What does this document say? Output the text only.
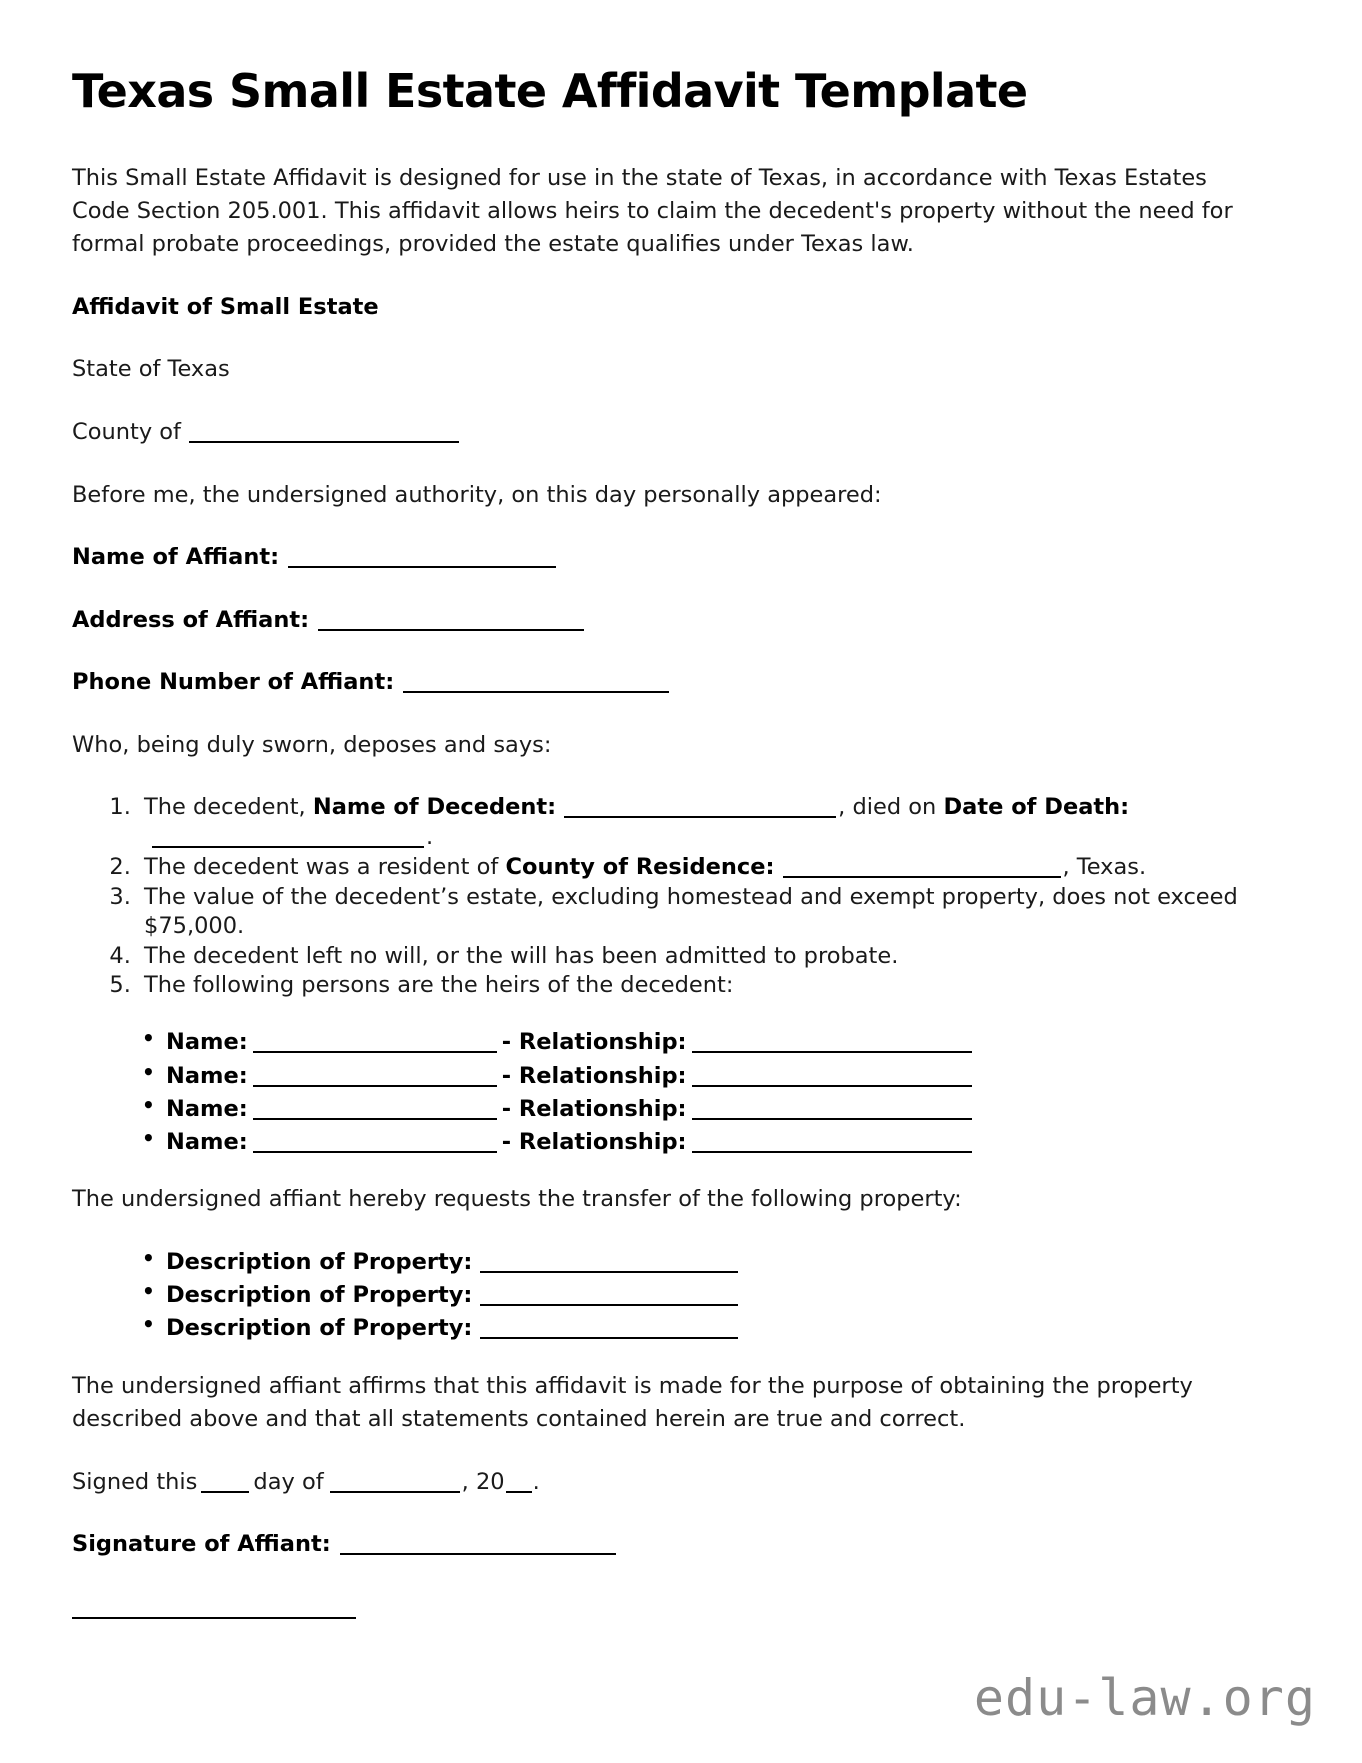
Texas Small Estate Affidavit Template

This Small Estate Affidavit is designed for use in the state of Texas, in accordance with Texas Estates Code Section 205.001. This affidavit allows heirs to claim the decedent's property without the need for formal probate proceedings, provided the estate qualifies under Texas law.

Affidavit of Small Estate
State of Texas
County of
Before me, the undersigned authority, on this day personally appeared:
Name of Affiant:
Address of Affiant:
Phone Number of Affiant:
Who, being duly sworn, deposes and says:
1. The decedent, Name of Decedent:	, died on Date of Death:.
2. The decedent was a resident of County of Residence:	, Texas.
3. The value of the decedent’s estate, excluding homestead and exempt property, does not exceed $75,000.
4. The decedent left no will, or the will has been admitted to probate.
5. The following persons are the heirs of the decedent:
• Name:	- Relationship:
• Name:	- Relationship:
• Name:	- Relationship:
• Name:	- Relationship:
The undersigned affiant hereby requests the transfer of the following property:
• Description of Property:
• Description of Property:
• Description of Property:

The undersigned affiant affirms that this affidavit is made for the purpose of obtaining the property described above and that all statements contained herein are true and correct.

Signed this day of	, 20 .
Signature of Affiant:
edu-law.org
